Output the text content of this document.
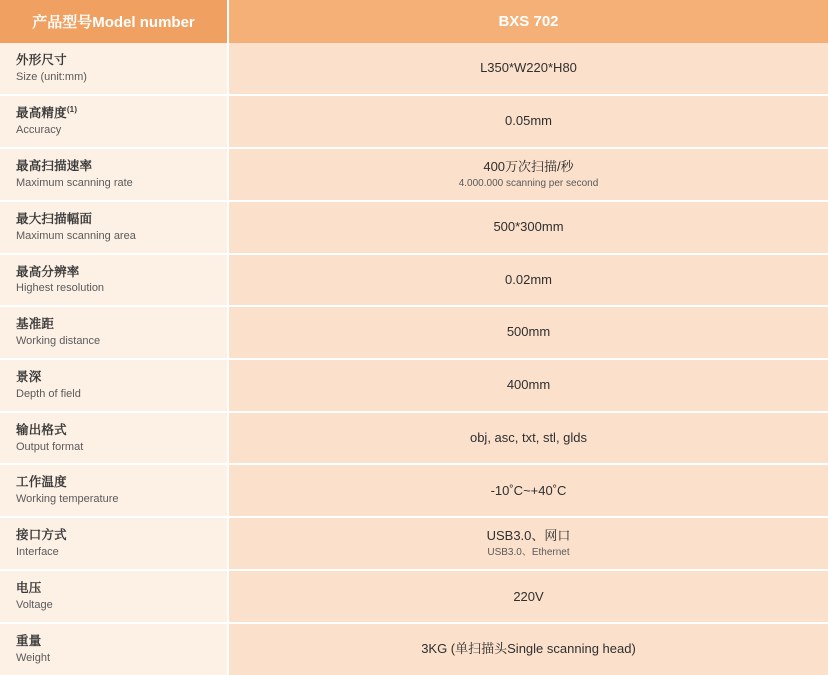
产品型号Model number	BXS 702

外形尺寸
Size (unit:mm)	L350*W220*H80

最高精度$^{(1)}$
Accuracy	0.05mm

最高扫描速率
Maximum scanning rate	400万次扫描/秒
4.000.000 scanning per second

最大扫描幅面
Maximum scanning area	500*300mm

最高分辨率
Highest resolution	0.02mm

基准距
Working distance	500mm

景深
Depth of field	400mm

输出格式
Output format	obj, asc, txt, stl, glds

工作温度
Working temperature	-10˚C~+40˚C

接口方式
Interface	USB3.0、网口
USB3.0、Ethernet

电压
Voltage	220V

重量
Weight	3KG (单扫描头Single scanning head)
